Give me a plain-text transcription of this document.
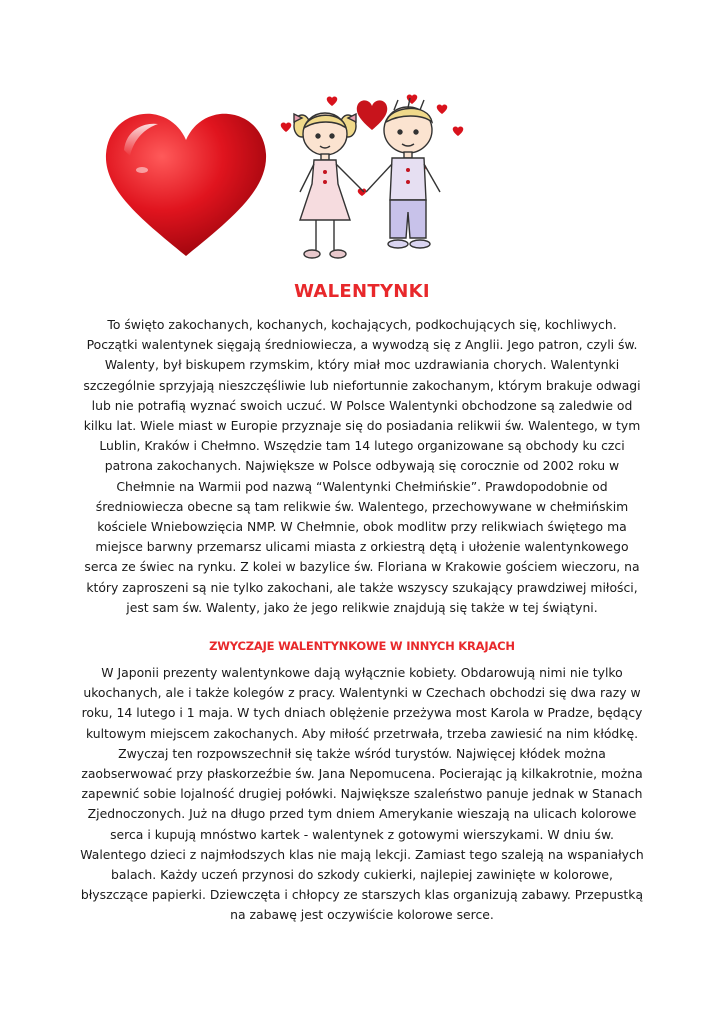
WALENTYNKI

To święto zakochanych, kochanych, kochających, podkochujących się, kochliwych. Początki walentynek sięgają średniowiecza, a wywodzą się z Anglii. Jego patron, czyli św. Walenty, był biskupem rzymskim, który miał moc uzdrawiania chorych. Walentynki szczególnie sprzyjają nieszczęśliwie lub niefortunnie zakochanym, którym brakuje odwagi lub nie potrafią wyznać swoich uczuć. W Polsce Walentynki obchodzone są zaledwie od kilku lat. Wiele miast w Europie przyznaje się do posiadania relikwii św. Walentego, w tym Lublin, Kraków i Chełmno. Wszędzie tam 14 lutego organizowane są obchody ku czci patrona zakochanych. Największe w Polsce odbywają się corocznie od 2002 roku w Chełmnie na Warmii pod nazwą “Walentynki Chełmińskie”. Prawdopodobnie od średniowiecza obecne są tam relikwie św. Walentego, przechowywane w chełmińskim kościele Wniebowzięcia NMP. W Chełmnie, obok modlitw przy relikwiach świętego ma miejsce barwny przemarsz ulicami miasta z orkiestrą dętą i ułożenie walentynkowego serca ze świec na rynku. Z kolei w bazylice św. Floriana w Krakowie gościem wieczoru, na który zaproszeni są nie tylko zakochani, ale także wszyscy szukający prawdziwej miłości, jest sam św. Walenty, jako że jego relikwie znajdują się także w tej świątyni.

ZWYCZAJE WALENTYNKOWE W INNYCH KRAJACH

W Japonii prezenty walentynkowe dają wyłącznie kobiety. Obdarowują nimi nie tylko ukochanych, ale i także kolegów z pracy. Walentynki w Czechach obchodzi się dwa razy w roku, 14 lutego i 1 maja. W tych dniach oblężenie przeżywa most Karola w Pradze, będący kultowym miejscem zakochanych. Aby miłość przetrwała, trzeba zawiesić na nim kłódkę. Zwyczaj ten rozpowszechnił się także wśród turystów. Najwięcej kłódek można zaobserwować przy płaskorzeźbie św. Jana Nepomucena. Pocierając ją kilkakrotnie, można zapewnić sobie lojalność drugiej połówki. Największe szaleństwo panuje jednak w Stanach Zjednoczonych. Już na długo przed tym dniem Amerykanie wieszają na ulicach kolorowe serca i kupują mnóstwo kartek - walentynek z gotowymi wierszykami. W dniu św. Walentego dzieci z najmłodszych klas nie mają lekcji. Zamiast tego szaleją na wspaniałych balach. Każdy uczeń przynosi do szkody cukierki, najlepiej zawinięte w kolorowe, błyszczące papierki. Dziewczęta i chłopcy ze starszych klas organizują zabawy. Przepustką na zabawę jest oczywiście kolorowe serce.
